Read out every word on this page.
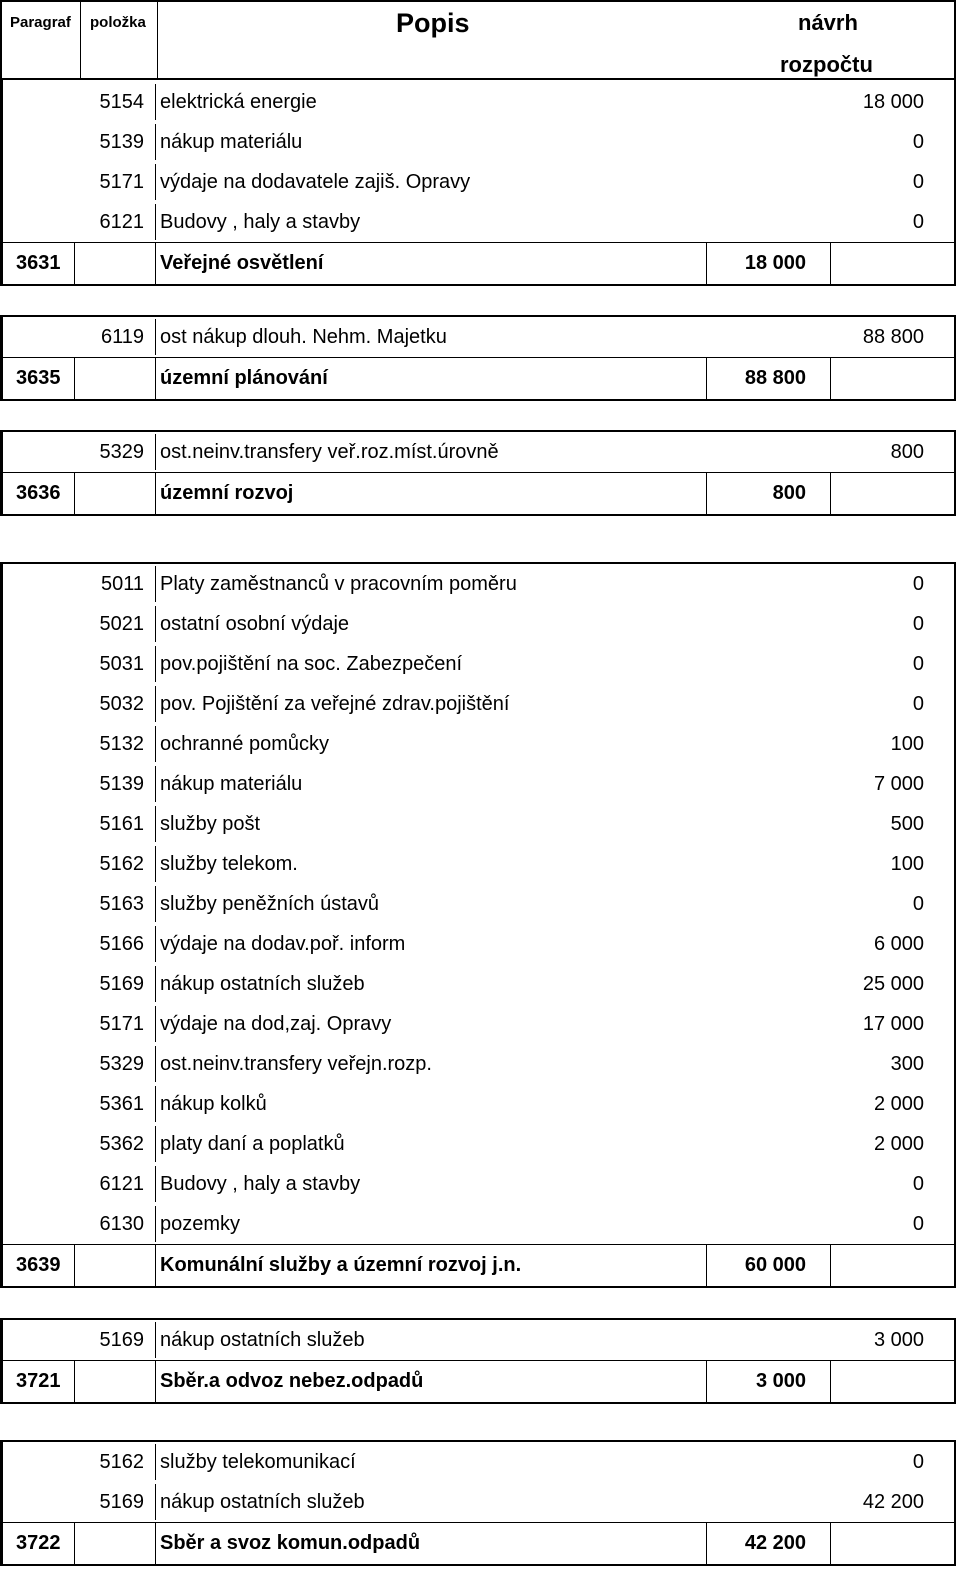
Paragraf položka	Popis	návrh
rozpočtu
5154 elektrická energie	18 000
5139 nákup materiálu	0
5171 výdaje na dodavatele zajiš. Opravy	0
6121 Budovy , haly a stavby	0
3631	Veřejné osvětlení	18 000
6119 ost nákup dlouh. Nehm. Majetku	88 800
3635	územní plánování	88 800
5329 ost.neinv.transfery veř.roz.míst.úrovně	800
3636	územní rozvoj	800
5011 Platy zaměstnanců v pracovním poměru	0
5021 ostatní osobní výdaje	0
5031 pov.pojištění na soc. Zabezpečení	0
5032 pov. Pojištění za veřejné zdrav.pojištění	0
5132 ochranné pomůcky	100
5139 nákup materiálu	7 000
5161 služby pošt	500
5162 služby telekom.	100
5163 služby peněžních ústavů	0
5166 výdaje na dodav.poř. inform	6 000
5169 nákup ostatních služeb	25 000
5171 výdaje na dod,zaj. Opravy	17 000
5329 ost.neinv.transfery veřejn.rozp.	300
5361 nákup kolků	2 000
5362 platy daní a poplatků	2 000
6121 Budovy , haly a stavby	0
6130 pozemky	0
3639	Komunální služby a územní rozvoj j.n.	60 000
5169 nákup ostatních služeb	3 000
3721	Sběr.a odvoz nebez.odpadů	3 000
5162 služby telekomunikací	0
5169 nákup ostatních služeb	42 200
3722	Sběr a svoz komun.odpadů	42 200
